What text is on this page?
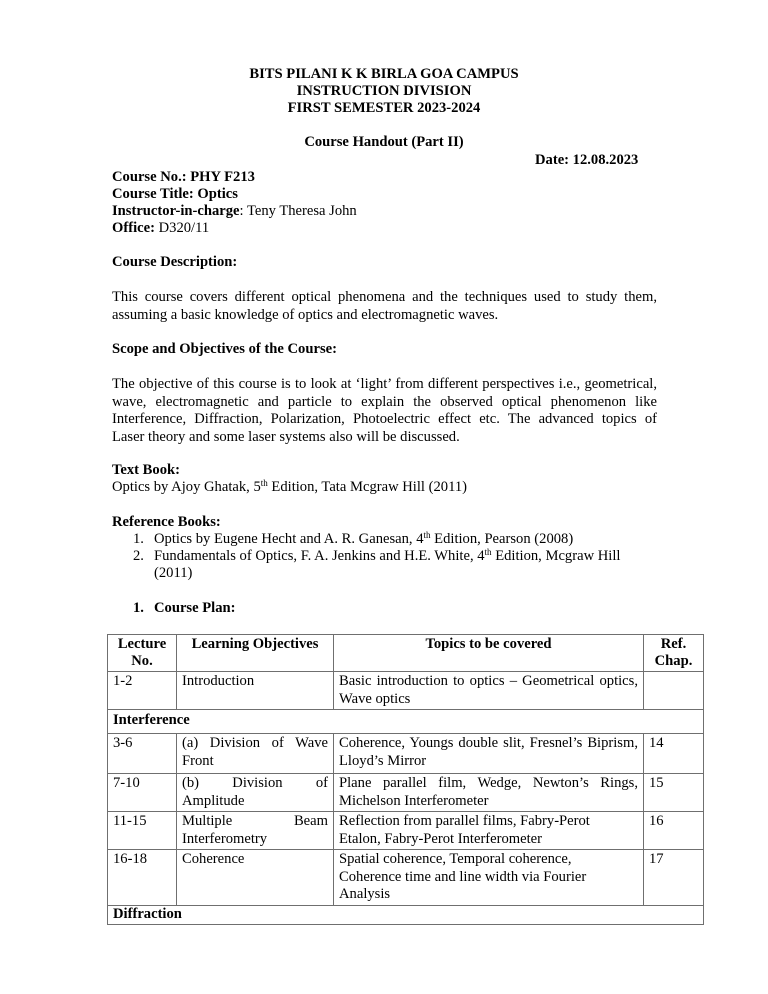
BITS PILANI K K BIRLA GOA CAMPUS
INSTRUCTION DIVISION
FIRST SEMESTER 2023-2024
Course Handout (Part II)
Date: 12.08.2023
Course No.: PHY F213
Course Title: Optics
Instructor-in-charge: Teny Theresa John
Office: D320/11
Course Description:
This course covers different optical phenomena and the techniques used to study them,
assuming a basic knowledge of optics and electromagnetic waves.
Scope and Objectives of the Course:
The objective of this course is to look at ‘light’ from different perspectives i.e., geometrical,
wave, electromagnetic and particle to explain the observed optical phenomenon like
Interference, Diffraction, Polarization, Photoelectric effect etc. The advanced topics of
Laser theory and some laser systems also will be discussed.
Text Book:
Optics by Ajoy Ghatak, 5th Edition, Tata Mcgraw Hill (2011)
Reference Books:
1. Optics by Eugene Hecht and A. R. Ganesan, 4th Edition, Pearson (2008)
2. Fundamentals of Optics, F. A. Jenkins and H.E. White, 4th Edition, Mcgraw Hill
(2011)
1. Course Plan:
Lecture
No.	Learning Objectives	Topics to be covered	Ref.
Chap.
1-2	Introduction	Basic introduction to optics – Geometrical optics,
Wave optics	

Interference			
3-6	(a) Division of Wave
Front	Coherence, Youngs double slit, Fresnel’s Biprism,
Lloyd’s Mirror	14
7-10	(b) Division of
Amplitude	Plane parallel film, Wedge, Newton’s Rings,
Michelson Interferometer	15
11-15	Multiple Beam
Interferometry	Reflection from parallel films, Fabry-Perot
Etalon, Fabry-Perot Interferometer	16
16-18	Coherence	Spatial coherence, Temporal coherence,
Coherence time and line width via Fourier
Analysis	17
Diffraction			
